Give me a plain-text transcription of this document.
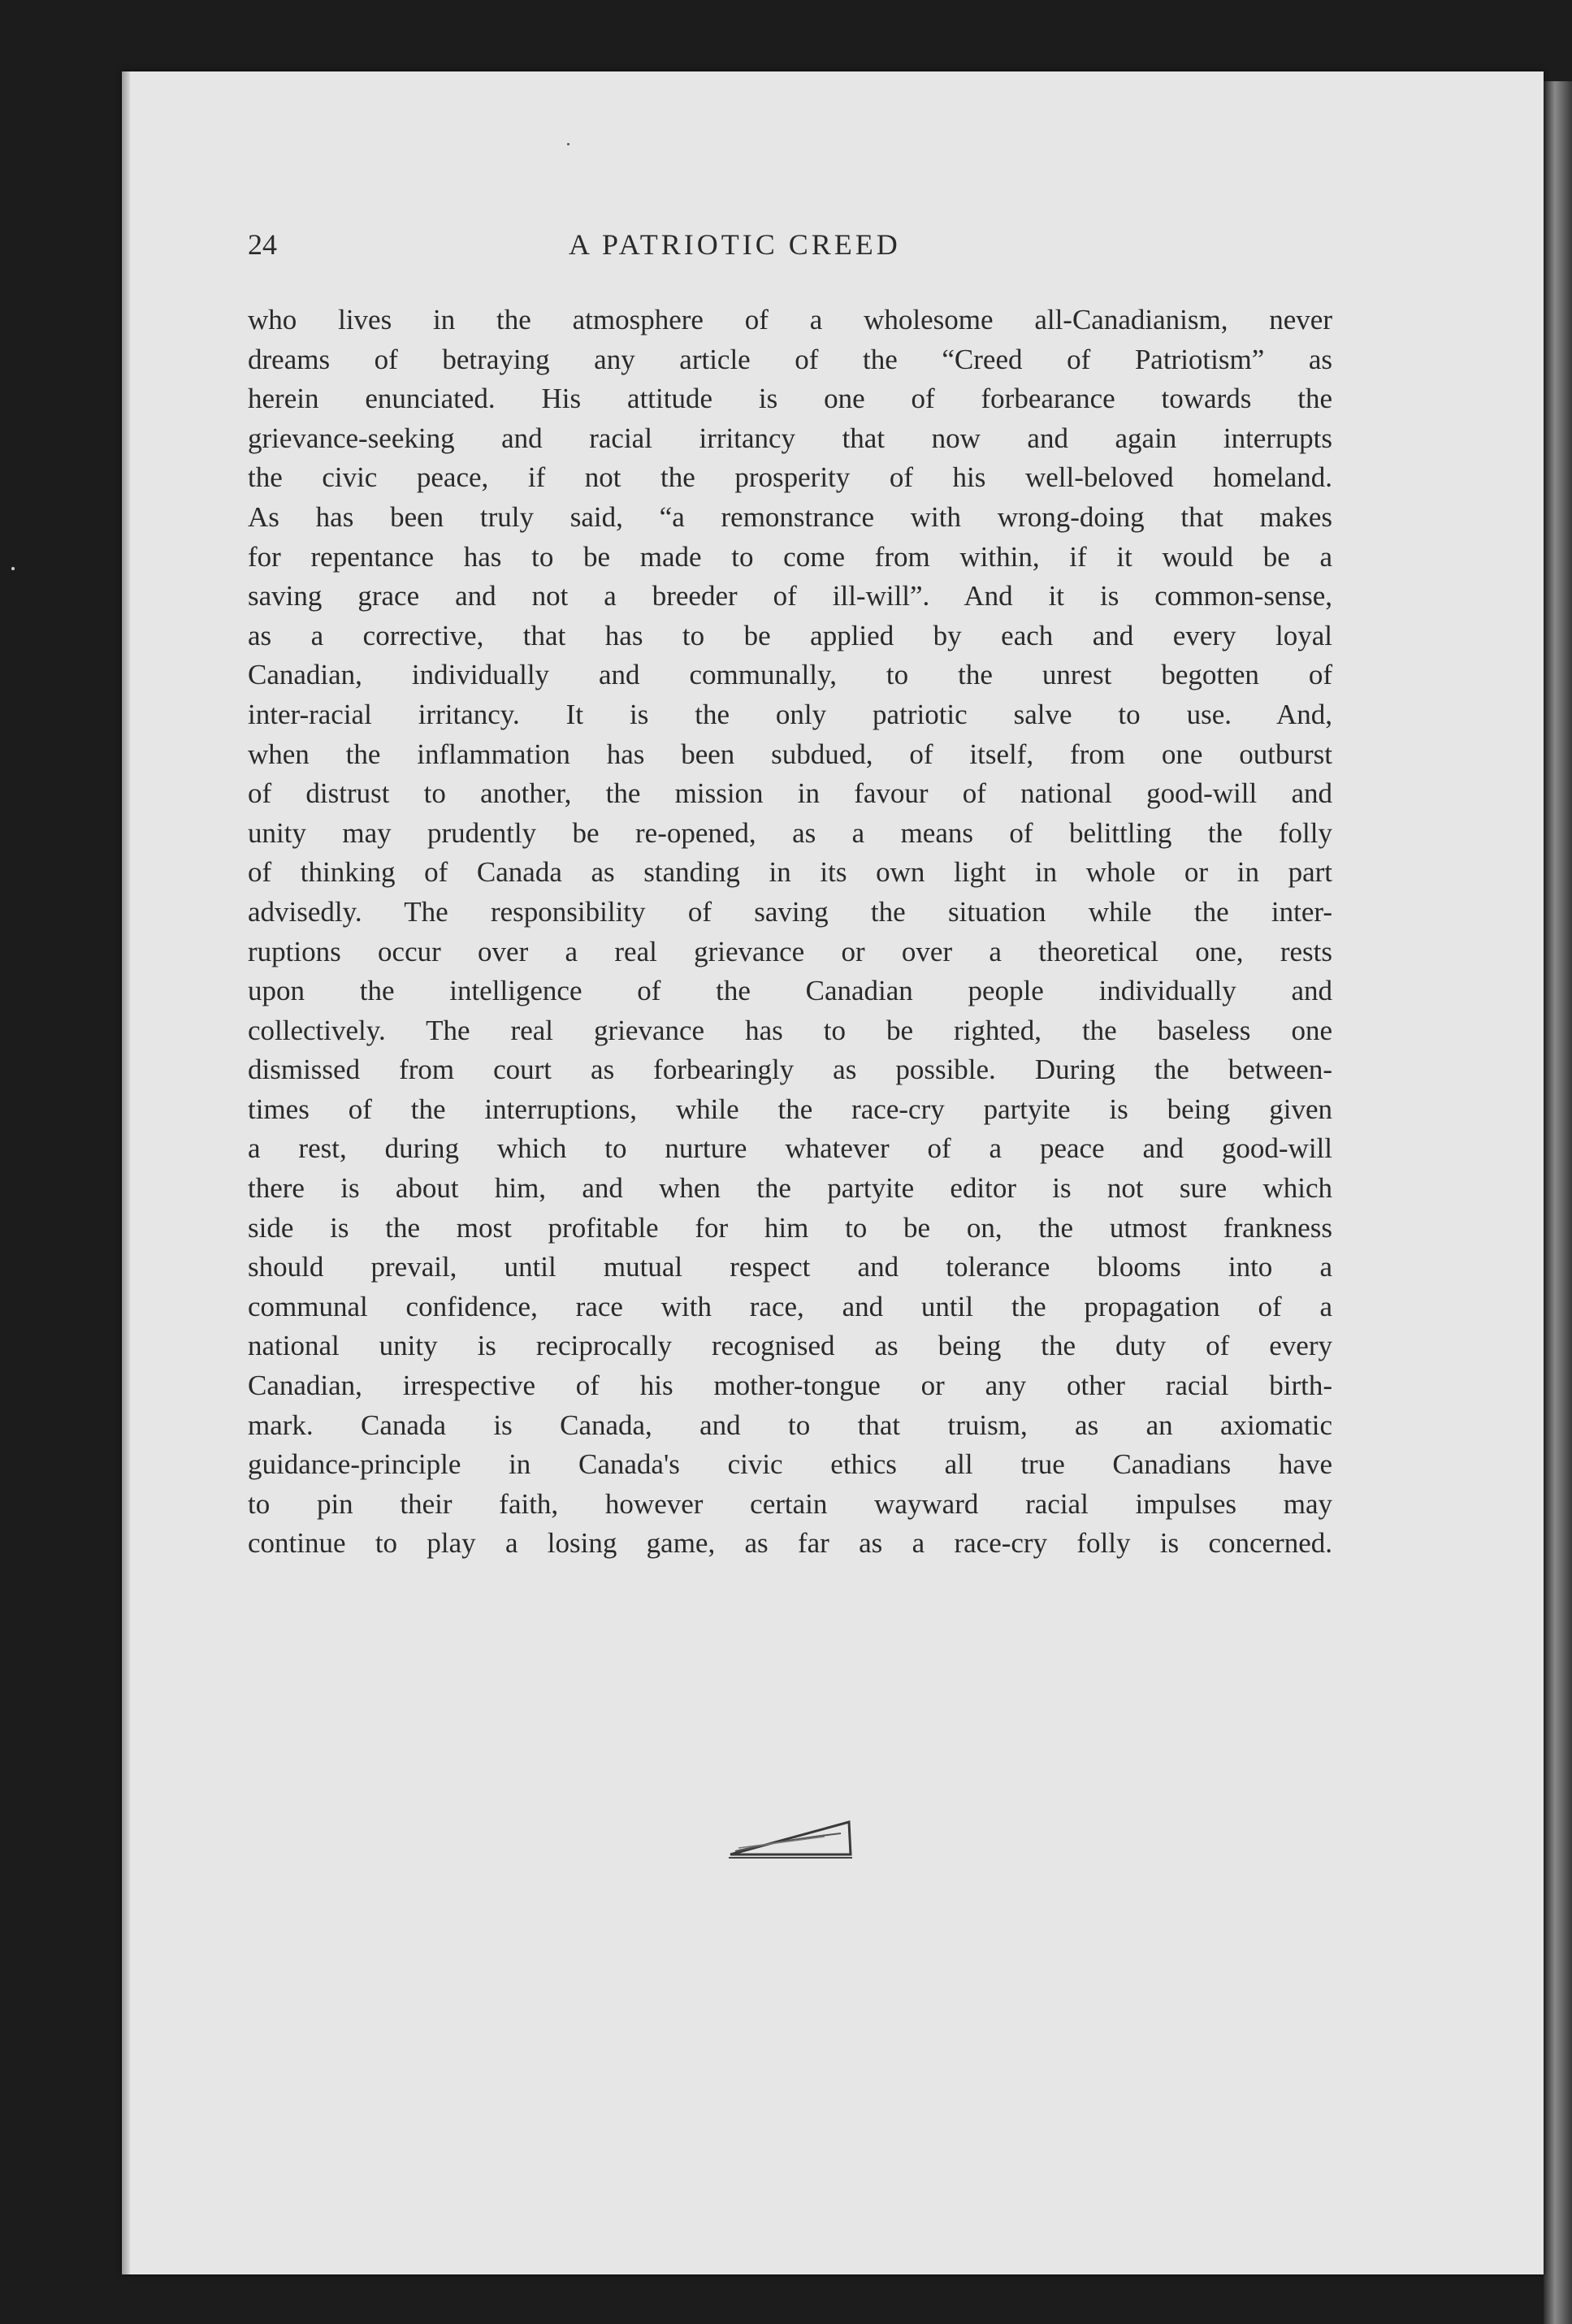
24	A PATRIOTIC CREED
who lives in the atmosphere of a wholesome all-Canadianism, never
dreams of betraying any article of the “Creed of Patriotism” as
herein enunciated. His attitude is one of forbearance towards the
grievance-seeking and racial irritancy that now and again interrupts
the civic peace, if not the prosperity of his well-beloved homeland.
As has been truly said, “a remonstrance with wrong-doing that makes
for repentance has to be made to come from within, if it would be a
saving grace and not a breeder of ill-will”. And it is common-sense,
as a corrective, that has to be applied by each and every loyal
Canadian, individually and communally, to the unrest begotten of
inter-racial irritancy. It is the only patriotic salve to use. And,
when the inflammation has been subdued, of itself, from one outburst
of distrust to another, the mission in favour of national good-will and
unity may prudently be re-opened, as a means of belittling the folly
of thinking of Canada as standing in its own light in whole or in part
advisedly. The responsibility of saving the situation while the inter-
ruptions occur over a real grievance or over a theoretical one, rests
upon the intelligence of the Canadian people individually and
collectively. The real grievance has to be righted, the baseless one
dismissed from court as forbearingly as possible. During the between-
times of the interruptions, while the race-cry partyite is being given
a rest, during which to nurture whatever of a peace and good-will
there is about him, and when the partyite editor is not sure which
side is the most profitable for him to be on, the utmost frankness
should prevail, until mutual respect and tolerance blooms into a
communal confidence, race with race, and until the propagation of a
national unity is reciprocally recognised as being the duty of every
Canadian, irrespective of his mother-tongue or any other racial birth-
mark. Canada is Canada, and to that truism, as an axiomatic
guidance-principle in Canada's civic ethics all true Canadians have
to pin their faith, however certain wayward racial impulses may
continue to play a losing game, as far as a race-cry folly is concerned.
